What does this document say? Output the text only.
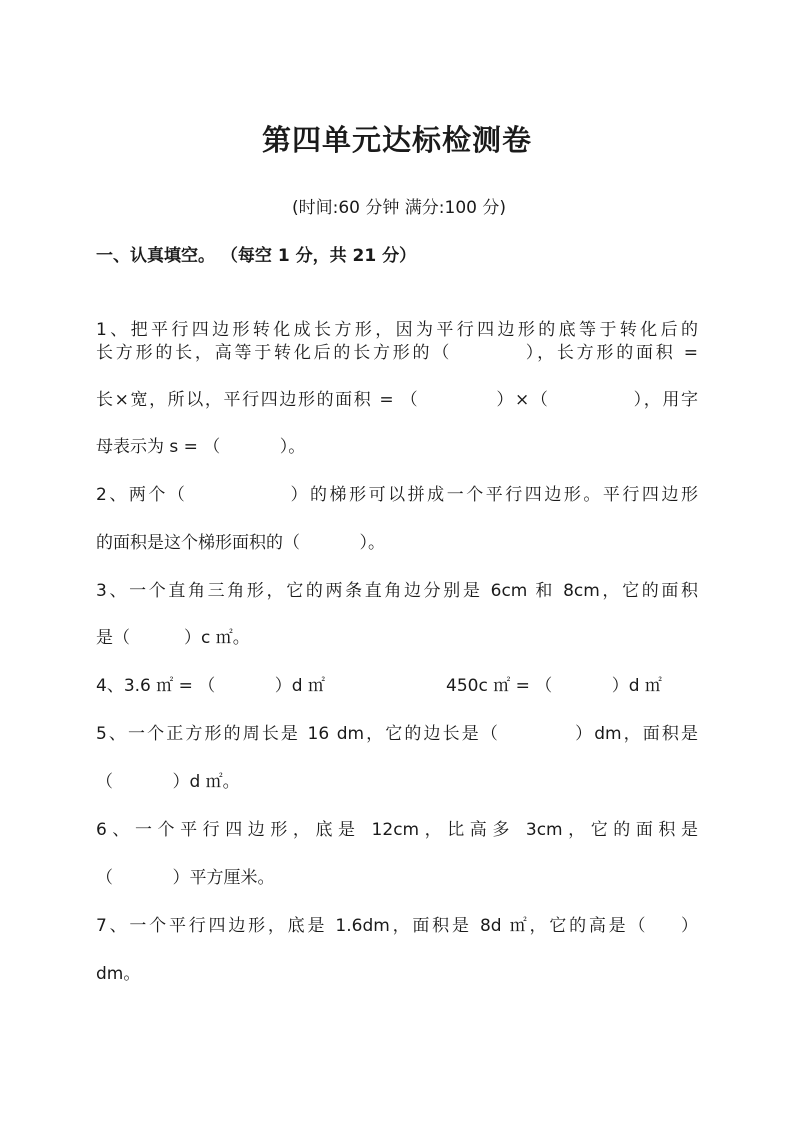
第四单元达标检测卷
(时间:60 分钟 满分:100 分)
一、认真填空。 （每空 1 分，共 21 分）
1、把平行四边形转化成长方形，因为平行四边形的底等于转化后的
长方形的长，高等于转化后的长方形的（         ），长方形的面积 =
长×宽，所以，平行四边形的面积 = （           ）×（            ），用字
母表示为 s = （           ）。
2、两个（             ）的梯形可以拼成一个平行四边形。平行四边形
的面积是这个梯形面积的（           ）。
3、一个直角三角形，它的两条直角边分别是 6cm 和 8cm，它的面积
是（          ）c ㎡。
4、3.6 ㎡ = （           ）d ㎡	450c ㎡ = （           ）d ㎡
5、一个正方形的周长是 16 dm，它的边长是（          ）dm，面积是
（           ）d ㎡。
6、一个平行四边形，底是 12cm，比高多 3cm，它的面积是
（           ）平方厘米。
7、一个平行四边形，底是 1.6dm，面积是 8d ㎡，它的高是（    ）
dm。
